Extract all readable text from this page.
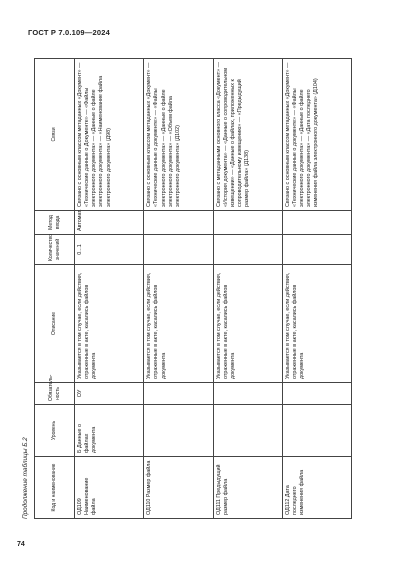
ГОСТ Р 7.0.109—2024
Продолжение таблицы Б.2	Код и наименование	Уровень	Обязатель-ность	Описание	Количество значений	Метод ввода	Связи
ОД109 Наименование файла	Б Данные о файлах документа	ОУ	Указывается в том случае, если действия, отраженные в акте, касались файлов документа	0...1	Автомат.	Связано с основным классом метаданных «Документ» — «Технические данные о Документе» — «Файлы электронного документа» — «Данные о файле электронного документа» — «Наименование файла электронного документа» (Д98)
ОД110 Размер файла			Указывается в том случае, если действия, отраженные в акте, касались файлов документа			Связано с основным классом метаданных «Документ» — «Технические данные о документе» — «Файлы электронного документа» — «Данные о файле электронного документа» — «Объем файла электронного документа» (Д102)
ОД111 Предыдущий размер файла			Указывается в том случае, если действия, отраженные в акте, касались файлов документа			Связано с метаданными основного класса «Документ» — «История документа» — «Данные о сопроводительном извещении» — «Данные о файлах, приложенных к сопроводительному извещению» — «Предыдущий размер файла» (Д138)
ОД112 Дата последнего изменения файла			Указывается в том случае, если действия, отраженные в акте, касались файлов документа			Связано с основным классом метаданных «Документ» — «Технические данные о документе» — «Файлы электронного документа» — «Данные о файле электронного документа» — «Дата последнего изменения файла электронного документа» (Д104)
74
